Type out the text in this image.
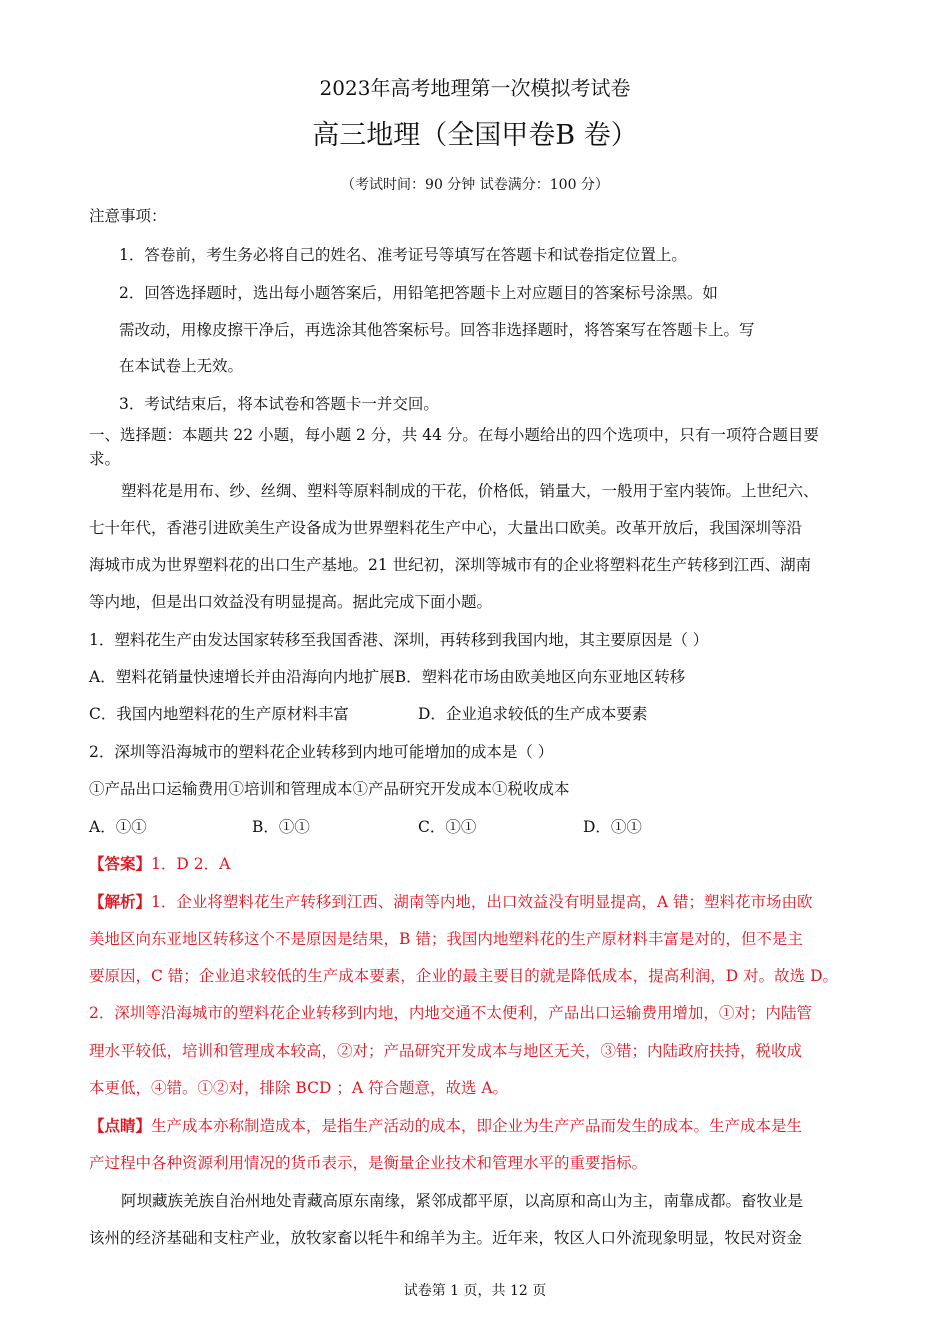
2023年高考地理第一次模拟考试卷
高三地理（全国甲卷B 卷）
（考试时间：90 分钟 试卷满分：100 分）
注意事项：
1．答卷前，考生务必将自己的姓名、准考证号等填写在答题卡和试卷指定位置上。
2．回答选择题时，选出每小题答案后，用铅笔把答题卡上对应题目的答案标号涂黑。如
需改动，用橡皮擦干净后，再选涂其他答案标号。回答非选择题时，将答案写在答题卡上。写
在本试卷上无效。
3．考试结束后，将本试卷和答题卡一并交回。
一、选择题：本题共 22 小题，每小题 2 分，共 44 分。在每小题给出的四个选项中，只有一项符合题目要
求。
塑料花是用布、纱、丝绸、塑料等原料制成的干花，价格低，销量大，一般用于室内装饰。上世纪六、
七十年代，香港引进欧美生产设备成为世界塑料花生产中心，大量出口欧美。改革开放后，我国深圳等沿
海城市成为世界塑料花的出口生产基地。21 世纪初，深圳等城市有的企业将塑料花生产转移到江西、湖南
等内地，但是出口效益没有明显提高。据此完成下面小题。
1．塑料花生产由发达国家转移至我国香港、深圳，再转移到我国内地，其主要原因是（ ）
A．塑料花销量快速增长并由沿海向内地扩展B．塑料花市场由欧美地区向东亚地区转移
C．我国内地塑料花的生产原材料丰富	D．企业追求较低的生产成本要素
2．深圳等沿海城市的塑料花企业转移到内地可能增加的成本是（ ）
①产品出口运输费用①培训和管理成本①产品研究开发成本①税收成本
A．①①	B．①①	C．①①	D．①①
【答案】1．D 2．A
【解析】1．企业将塑料花生产转移到江西、湖南等内地，出口效益没有明显提高，A 错；塑料花市场由欧
美地区向东亚地区转移这个不是原因是结果，B 错；我国内地塑料花的生产原材料丰富是对的，但不是主
要原因，C 错；企业追求较低的生产成本要素，企业的最主要目的就是降低成本，提高利润，D 对。故选 D。
2．深圳等沿海城市的塑料花企业转移到内地，内地交通不太便利，产品出口运输费用增加，①对；内陆管
理水平较低，培训和管理成本较高，②对；产品研究开发成本与地区无关，③错；内陆政府扶持，税收成
本更低，④错。①②对，排除 BCD ；A 符合题意，故选 A。
【点睛】生产成本亦称制造成本，是指生产活动的成本，即企业为生产产品而发生的成本。生产成本是生
产过程中各种资源利用情况的货币表示，是衡量企业技术和管理水平的重要指标。
阿坝藏族羌族自治州地处青藏高原东南缘，紧邻成都平原，以高原和高山为主，南靠成都。畜牧业是
该州的经济基础和支柱产业，放牧家畜以牦牛和绵羊为主。近年来，牧区人口外流现象明显，牧民对资金
试卷第 1 页，共 12 页
